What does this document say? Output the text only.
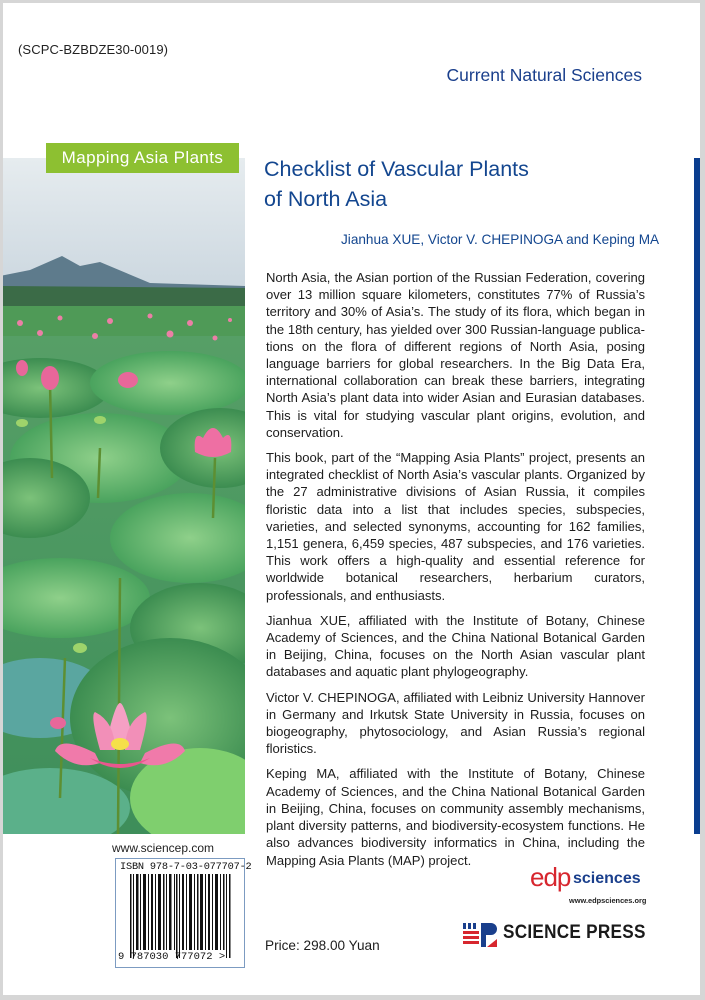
(SCPC-BZBDZE30-0019)
Current Natural Sciences
Mapping Asia Plants	Checklist of Vascular Plants
of North Asia
Jianhua XUE, Victor V. CHEPINOGA and Keping MA

North Asia, the Asian portion of the Russian Federation, covering over 13 million square kilometers, constitutes 77% of Russia’s territory and 30% of Asia’s. The study of its flora, which began in the 18th century, has yielded over 300 Russian-language publications on the flora of different regions of North Asia, posing language barriers for global researchers. In the Big Data Era, international collaboration can break these barriers, integrating North Asia’s plant data into wider Asian and Eurasian databases. This is vital for studying vascular plant origins, evolution, and conservation.

This book, part of the “Mapping Asia Plants” project, presents an integrated checklist of North Asia’s vascular plants. Organized by the 27 administrative divisions of Asian Russia, it compiles floristic data into a list that includes species, subspecies, varieties, and selected synonyms, accounting for 162 families, 1,151 genera, 6,459 species, 487 subspecies, and 176 varieties. This work offers a high-quality and essential reference for worldwide botanical researchers, herbarium curators, professionals, and enthusiasts.

Jianhua XUE, affiliated with the Institute of Botany, Chinese Academy of Sciences, and the China National Botanical Garden in Beijing, China, focuses on the North Asian vascular plant databases and aquatic plant phylogeography.

Victor V. CHEPINOGA, affiliated with Leibniz University Hannover in Germany and Irkutsk State University in Russia, focuses on biogeography, phytosociology, and Asian Russia’s regional floristics.

Keping MA, affiliated with the Institute of Botany, Chinese Academy of Sciences, and the China National Botanical Garden in Beijing, China, focuses on community assembly mechanisms, plant diversity patterns, and biodiversity-ecosystem functions. He also advances biodiversity informatics in China, including the Mapping Asia Plants (MAP) project.

www.sciencep.com
ISBN 978-7-03-077707-2
9 787030 777072 >
Price: 298.00 Yuan
edp sciences
www.edpsciences.org
SCIENCE PRESS
